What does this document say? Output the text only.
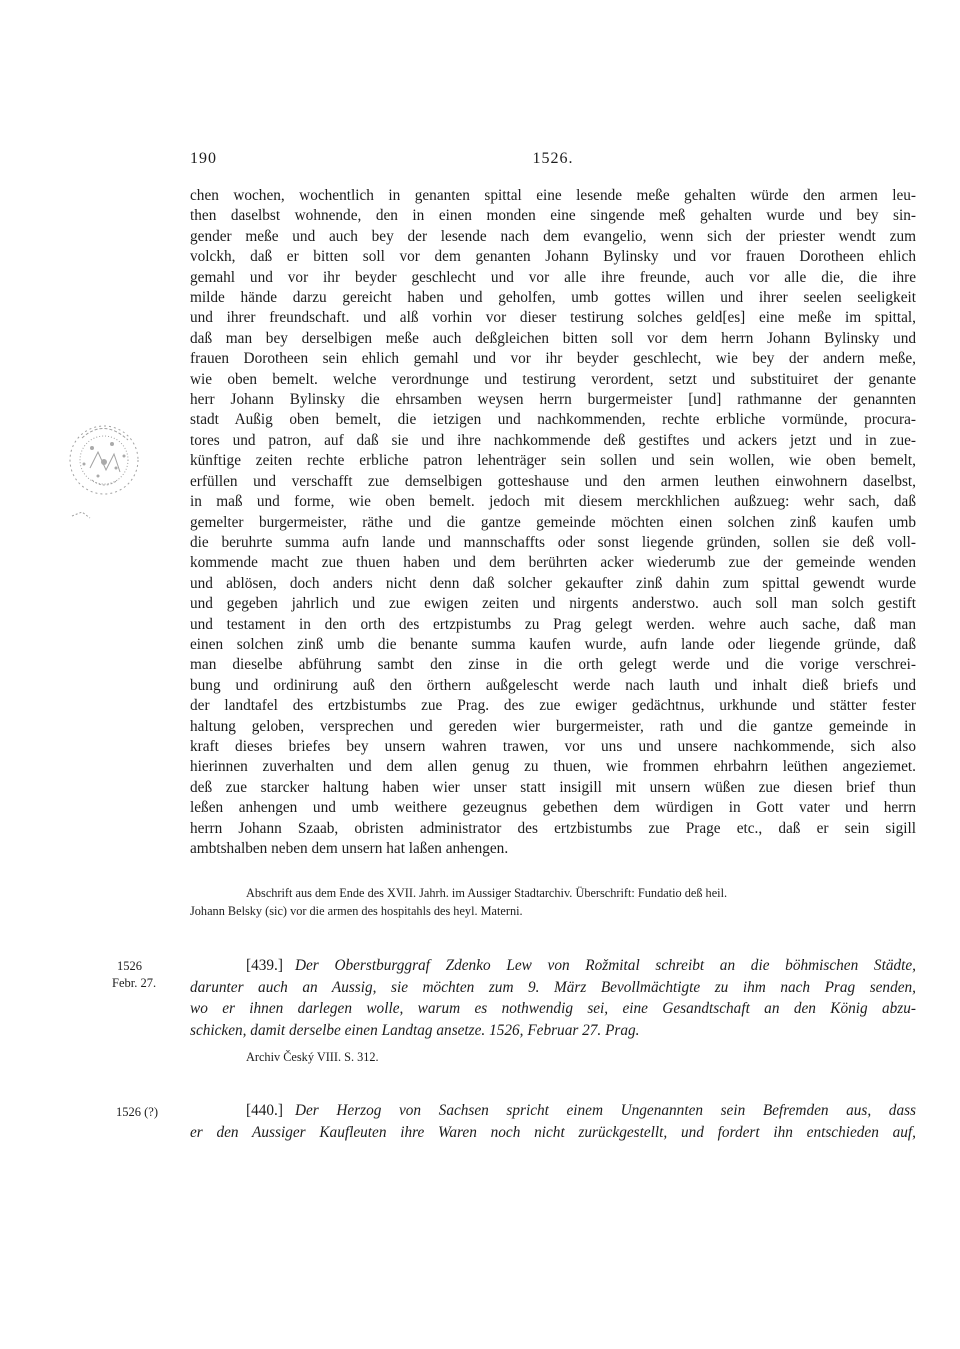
190	1526.
chen wochen, wochentlich in genanten spittal eine lesende meße gehalten würde den armen leu-
then daselbst wohnende, den in einen monden eine singende meß gehalten wurde und bey sin-
gender meße und auch bey der lesende nach dem evangelio, wenn sich der priester wendt zum
volckh, daß er bitten soll vor dem genanten Johann Bylinsky und vor frauen Dorotheen ehlich
gemahl und vor ihr beyder geschlecht und vor alle ihre freunde, auch vor alle die, die ihre
milde hände darzu gereicht haben und geholfen, umb gottes willen und ihrer seelen seeligkeit
und ihrer freundschaft. und alß vorhin vor dieser testirung solches geld[es] eine meße im spittal,
daß man bey derselbigen meße auch deßgleichen bitten soll vor dem herrn Johann Bylinsky und
frauen Dorotheen sein ehlich gemahl und vor ihr beyder geschlecht, wie bey der andern meße,
wie oben bemelt. welche verordnunge und testirung verordent, setzt und substituiret der genante
herr Johann Bylinsky die ehrsamben weysen herrn burgermeister [und] rathmanne der genannten
stadt Außig oben bemelt, die ietzigen und nachkommenden, rechte erbliche vormünde, procura-
tores und patron, auf daß sie und ihre nachkommende deß gestiftes und ackers jetzt und in zue-
künftige zeiten rechte erbliche patron lehenträger sein sollen und sein wollen, wie oben bemelt,
erfüllen und verschafft zue demselbigen gotteshause und den armen leuthen einwohnern daselbst,
in maß und forme, wie oben bemelt. jedoch mit diesem merckhlichen außzueg: wehr sach, daß
gemelter burgermeister, räthe und die gantze gemeinde möchten einen solchen zinß kaufen umb
die beruhrte summa aufn lande und mannschaffts oder sonst liegende gründen, sollen sie deß voll-
kommende macht zue thuen haben und dem berührten acker wiederumb zue der gemeinde wenden
und ablösen, doch anders nicht denn daß solcher gekaufter zinß dahin zum spittal gewendt wurde
und gegeben jahrlich und zue ewigen zeiten und nirgents anderstwo. auch soll man solch gestift
und testament in den orth des ertzpistumbs zu Prag gelegt werden. wehre auch sache, daß man
einen solchen zinß umb die benante summa kaufen wurde, aufn lande oder liegende gründe, daß
man dieselbe abführung sambt den zinse in die orth gelegt werde und die vorige verschrei-
bung und ordinirung auß den örthern außgelescht werde nach lauth und inhalt dieß briefs und
der landtafel des ertzbistumbs zue Prag. des zue ewiger gedächtnus, urkhunde und stätter fester
haltung geloben, versprechen und gereden wier burgermeister, rath und die gantze gemeinde in
kraft dieses briefes bey unsern wahren trawen, vor uns und unsere nachkommende, sich also
hierinnen zuverhalten und dem allen genug zu thuen, wie frommen ehrbahrn leüthen angeziemet.
deß zue starcker haltung haben wier unser statt insigill mit unsern wüßen zue diesen brief thun
leßen anhengen und umb weithere gezeugnus gebethen dem würdigen in Gott vater und herrn
herrn Johann Szaab, obristen administrator des ertzbistumbs zue Prage etc., daß er sein sigill
ambtshalben neben dem unsern hat laßen anhengen.
Abschrift aus dem Ende des XVII. Jahrh. im Aussiger Stadtarchiv. Überschrift: Fundatio deß heil.
Johann Belsky (sic) vor die armen des hospitahls des heyl. Materni.
1526
Febr. 27.
[439.] Der Oberstburggraf Zdenko Lew von Rožmital schreibt an die böhmischen Städte,
darunter auch an Aussig, sie möchten zum 9. März Bevollmächtigte zu ihm nach Prag senden,
wo er ihnen darlegen wolle, warum es nothwendig sei, eine Gesandtschaft an den König abzu-
schicken, damit derselbe einen Landtag ansetze. 1526, Februar 27. Prag.
Archiv Český VIII. S. 312.
1526 (?)	[440.] Der Herzog von Sachsen spricht einem Ungenannten sein Befremden aus, dass
er den Aussiger Kaufleuten ihre Waren noch nicht zurückgestellt, und fordert ihn entschieden auf,
